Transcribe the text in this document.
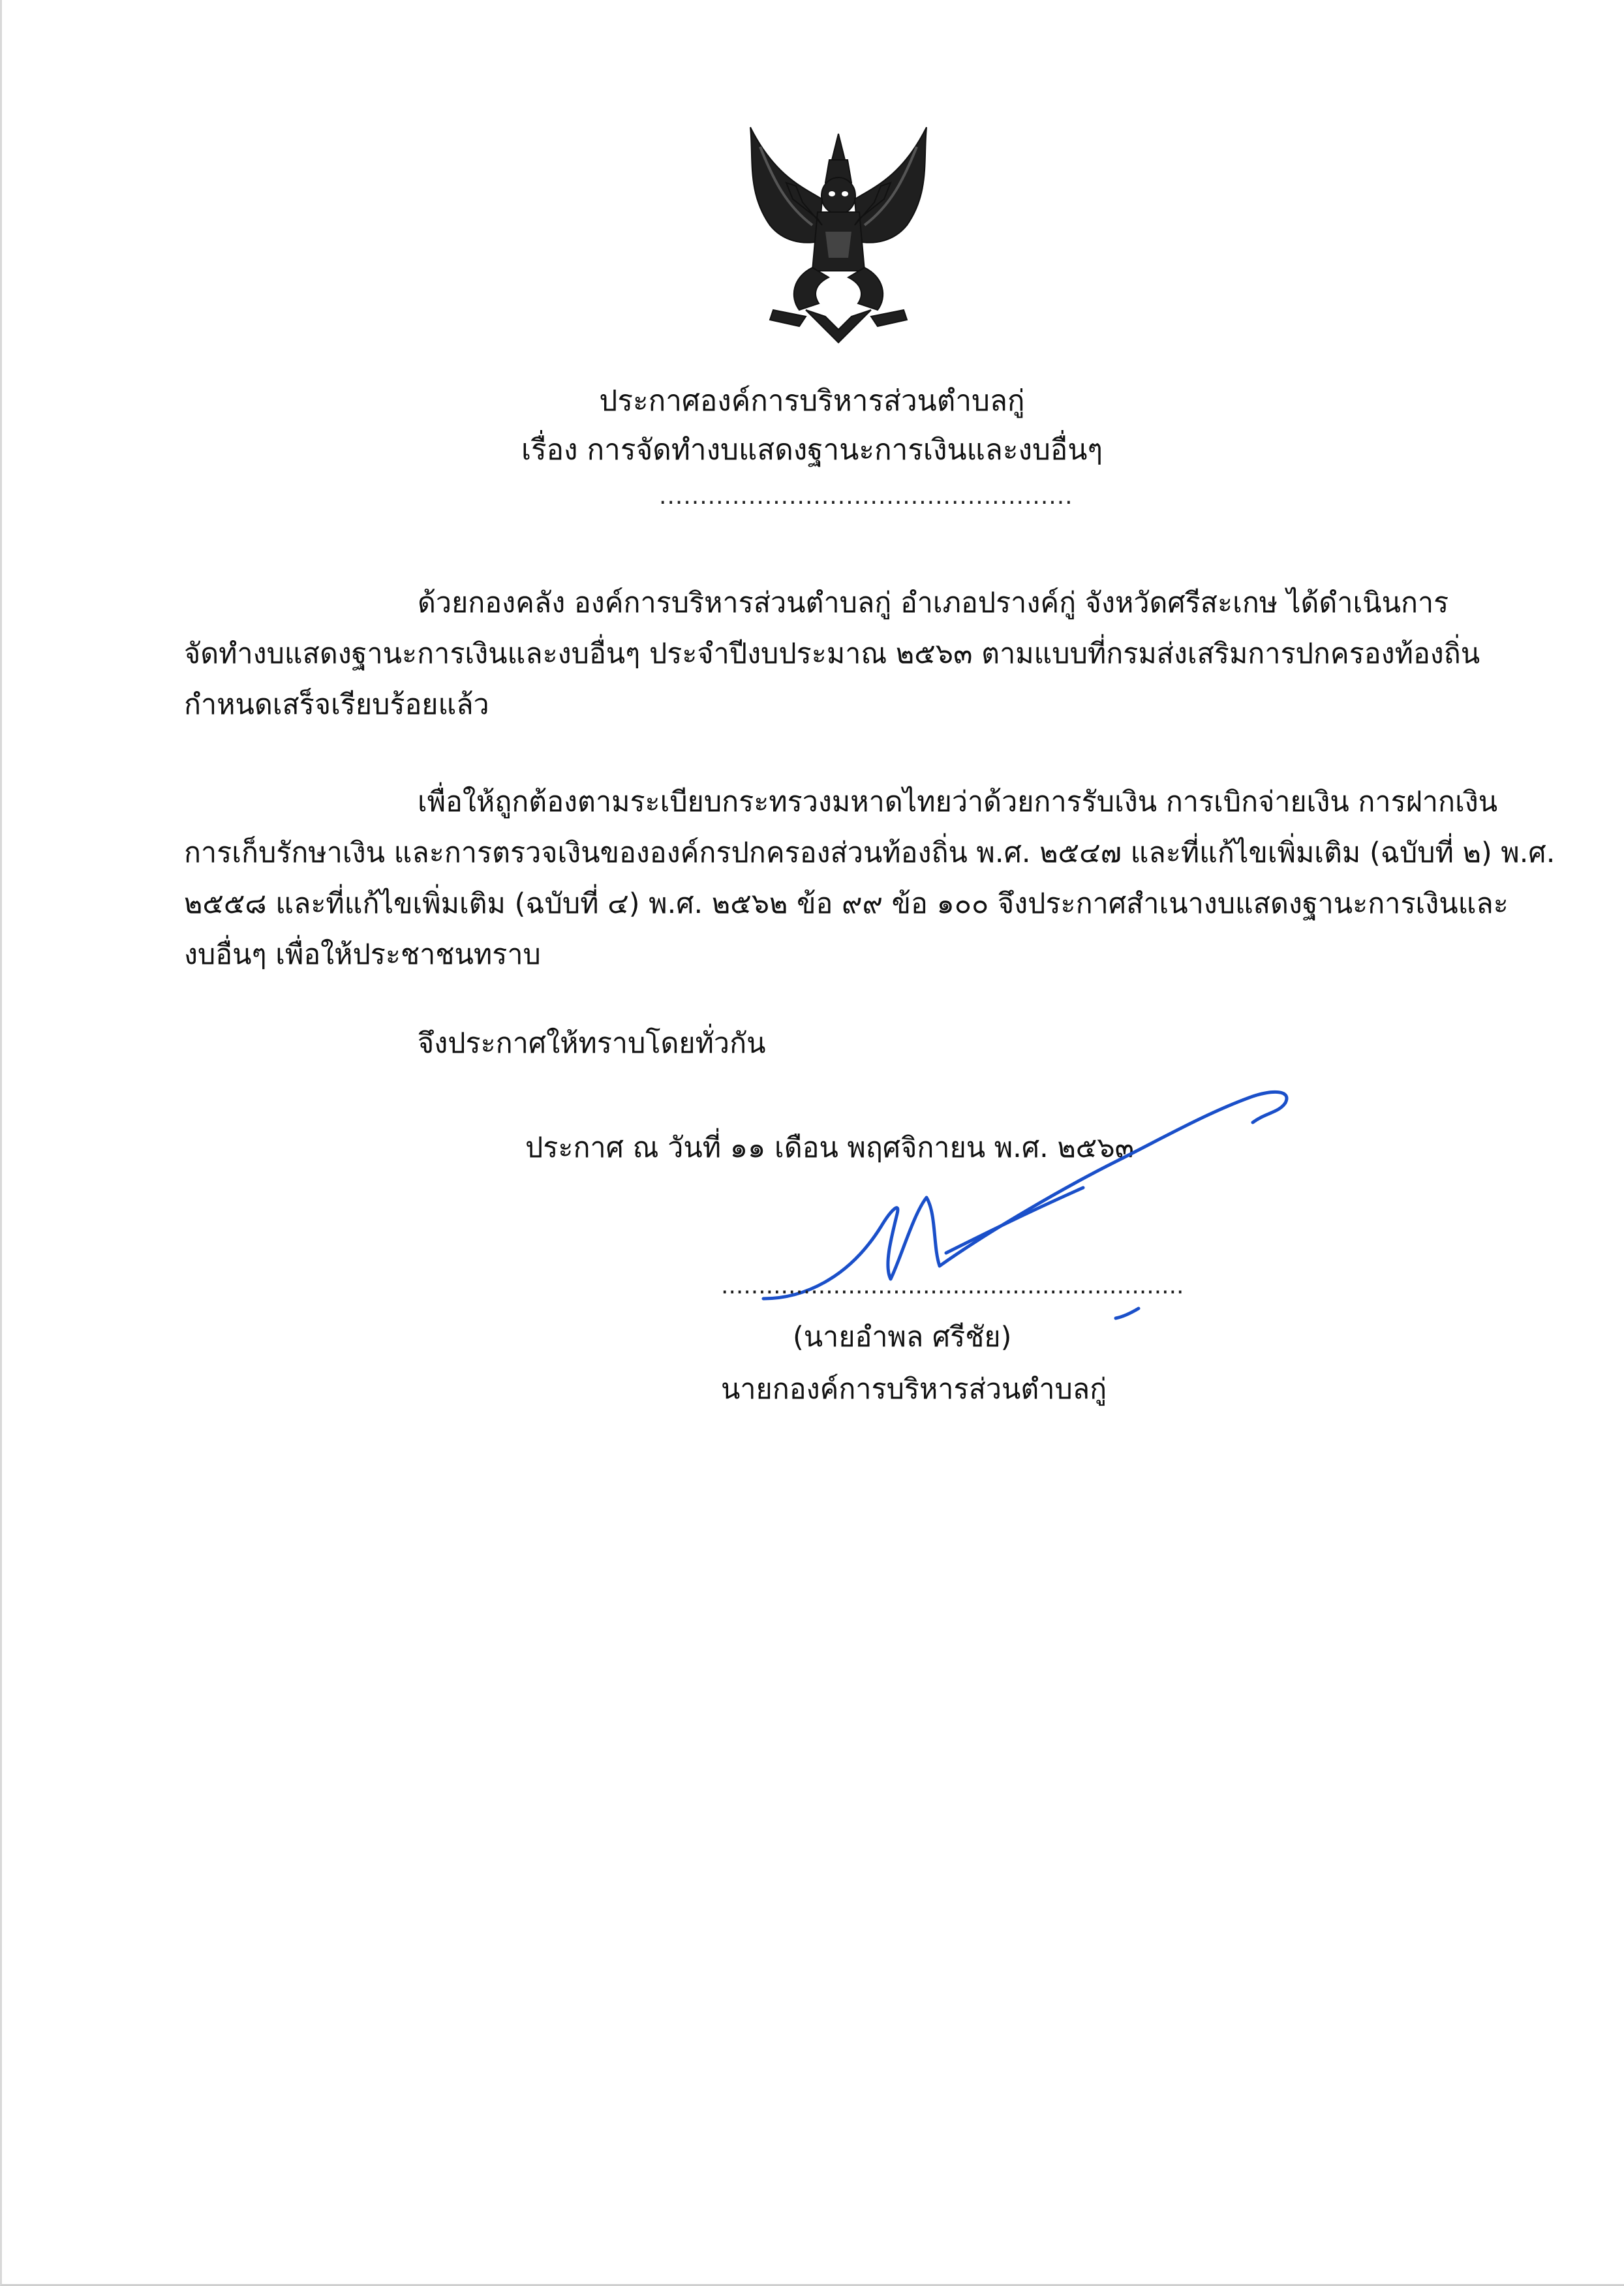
ประกาศองค์การบริหารส่วนตำบลกู่
เรื่อง การจัดทำงบแสดงฐานะการเงินและงบอื่นๆ
...................................................
ด้วยกองคลัง องค์การบริหารส่วนตำบลกู่ อำเภอปรางค์กู่ จังหวัดศรีสะเกษ ได้ดำเนินการ
จัดทำงบแสดงฐานะการเงินและงบอื่นๆ ประจำปีงบประมาณ ๒๕๖๓ ตามแบบที่กรมส่งเสริมการปกครองท้องถิ่น
กำหนดเสร็จเรียบร้อยแล้ว
เพื่อให้ถูกต้องตามระเบียบกระทรวงมหาดไทยว่าด้วยการรับเงิน การเบิกจ่ายเงิน การฝากเงิน
การเก็บรักษาเงิน และการตรวจเงินขององค์กรปกครองส่วนท้องถิ่น พ.ศ. ๒๕๔๗ และที่แก้ไขเพิ่มเติม (ฉบับที่ ๒) พ.ศ.
๒๕๕๘ และที่แก้ไขเพิ่มเติม (ฉบับที่ ๔) พ.ศ. ๒๕๖๒ ข้อ ๙๙ ข้อ ๑๐๐ จึงประกาศสำเนางบแสดงฐานะการเงินและ
งบอื่นๆ เพื่อให้ประชาชนทราบ
จึงประกาศให้ทราบโดยทั่วกัน
ประกาศ ณ วันที่ ๑๑ เดือน พฤศจิกายน พ.ศ. ๒๕๖๓
..............................................................
(นายอำพล ศรีชัย)
นายกองค์การบริหารส่วนตำบลกู่
